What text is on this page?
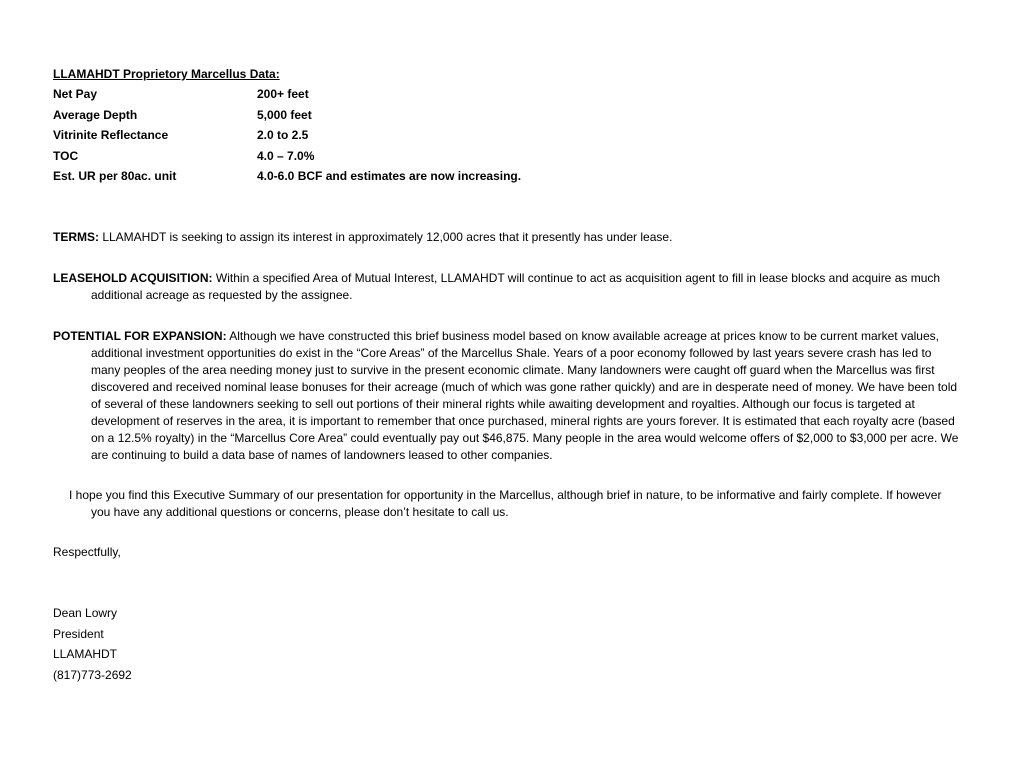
LLAMAHDT Proprietory Marcellus Data:
Net Pay	200+ feet
Average Depth	5,000 feet
Vitrinite Reflectance	2.0 to 2.5
TOC	4.0 – 7.0%
Est. UR per 80ac. unit	4.0-6.0 BCF and estimates are now increasing.

TERMS: LLAMAHDT is seeking to assign its interest in approximately 12,000 acres that it presently has under lease.

LEASEHOLD ACQUISITION: Within a specified Area of Mutual Interest, LLAMAHDT will continue to act as acquisition agent to fill in lease blocks and acquire as much additional acreage as requested by the assignee.

POTENTIAL FOR EXPANSION: Although we have constructed this brief business model based on know available acreage at prices know to be current market values, additional investment opportunities do exist in the “Core Areas” of the Marcellus Shale. Years of a poor economy followed by last years severe crash has led to many peoples of the area needing money just to survive in the present economic climate. Many landowners were caught off guard when the Marcellus was first discovered and received nominal lease bonuses for their acreage (much of which was gone rather quickly) and are in desperate need of money. We have been told of several of these landowners seeking to sell out portions of their mineral rights while awaiting development and royalties. Although our focus is targeted at development of reserves in the area, it is important to remember that once purchased, mineral rights are yours forever. It is estimated that each royalty acre (based on a 12.5% royalty) in the “Marcellus Core Area” could eventually pay out $46,875. Many people in the area would welcome offers of $2,000 to $3,000 per acre. We are continuing to build a data base of names of landowners leased to other companies.

I hope you find this Executive Summary of our presentation for opportunity in the Marcellus, although brief in nature, to be informative and fairly complete. If however you have any additional questions or concerns, please don’t hesitate to call us.

Respectfully,
Dean Lowry
President
LLAMAHDT
(817)773-2692
